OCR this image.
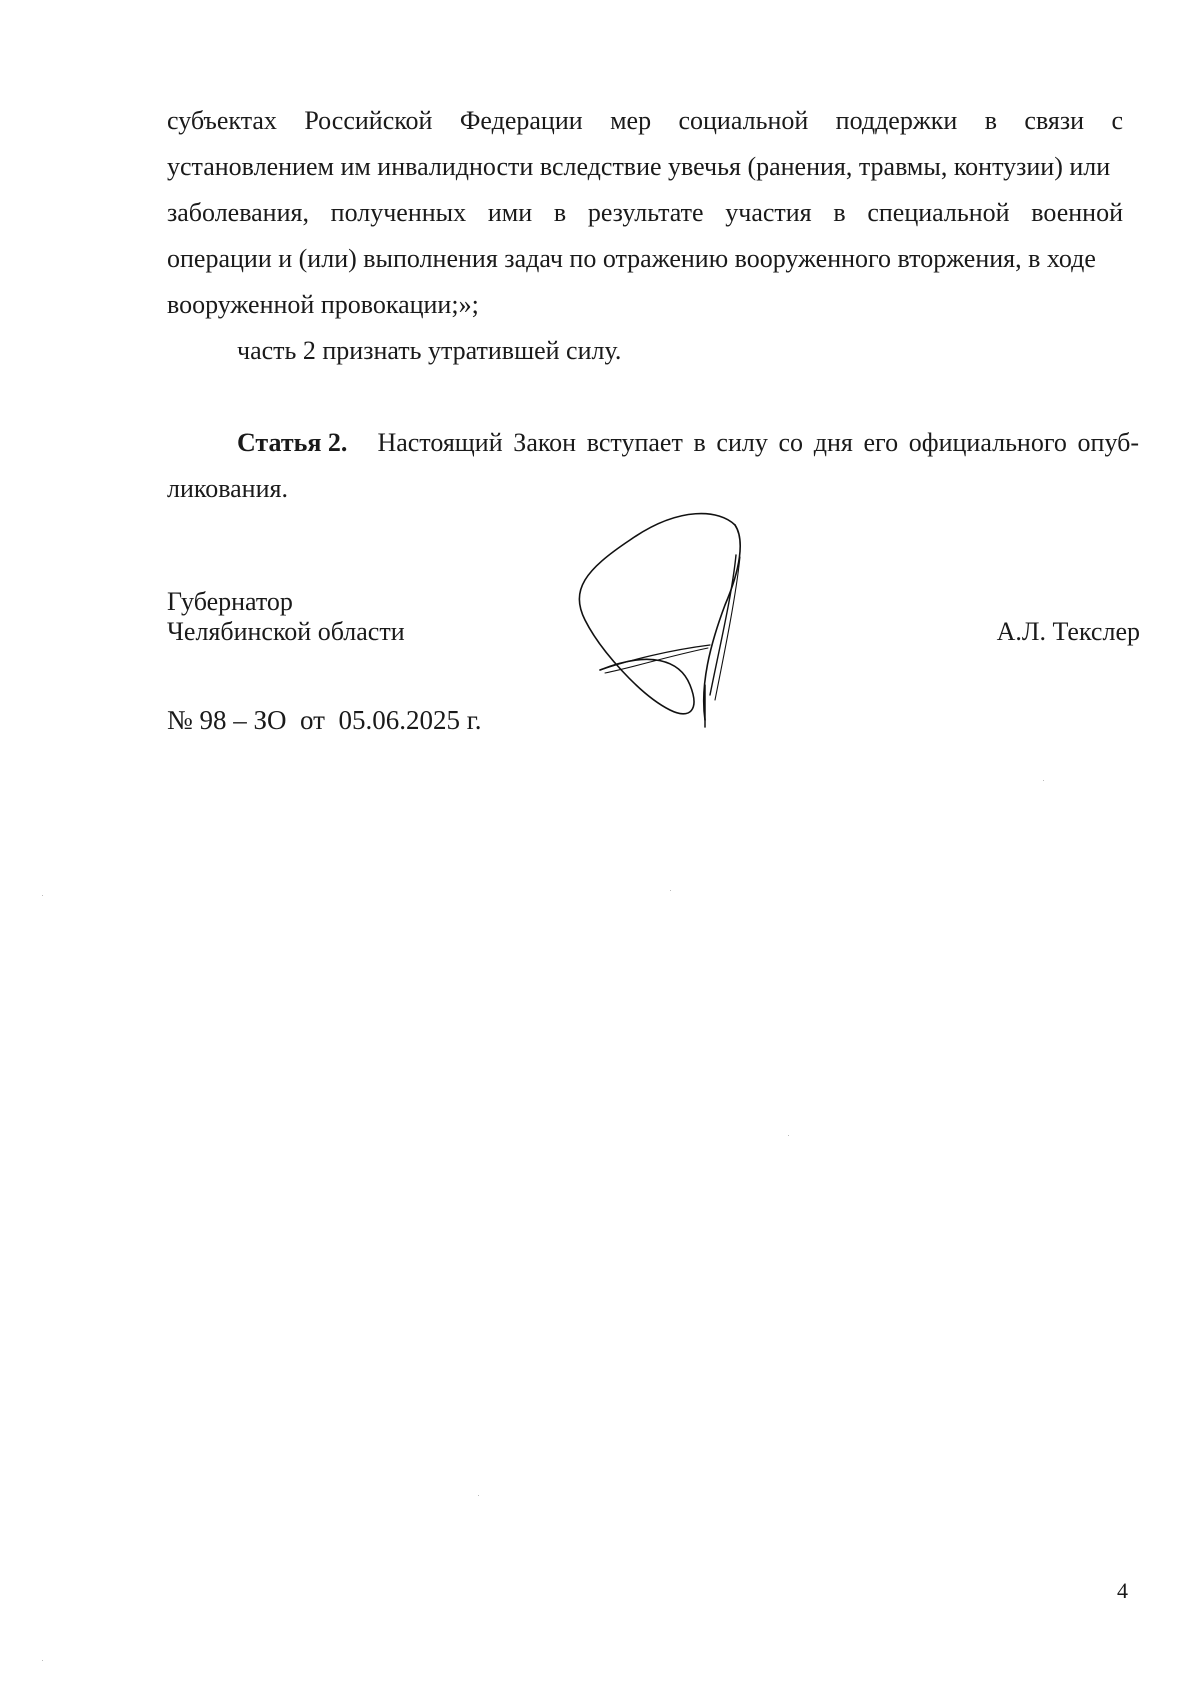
субъектах Российской Федерации мер социальной поддержки в связи с
установлением им инвалидности вследствие увечья (ранения, травмы, контузии) или
заболевания, полученных ими в результате участия в специальной военной
операции и (или) выполнения задач по отражению вооруженного вторжения, в ходе
вооруженной провокации;»;
часть 2 признать утратившей силу.
Статья 2. Настоящий Закон вступает в силу со дня его официального опуб-
ликования.
Губернатор
Челябинской области	А.Л. Текслер
№ 98 – ЗО  от  05.06.2025 г.
4
